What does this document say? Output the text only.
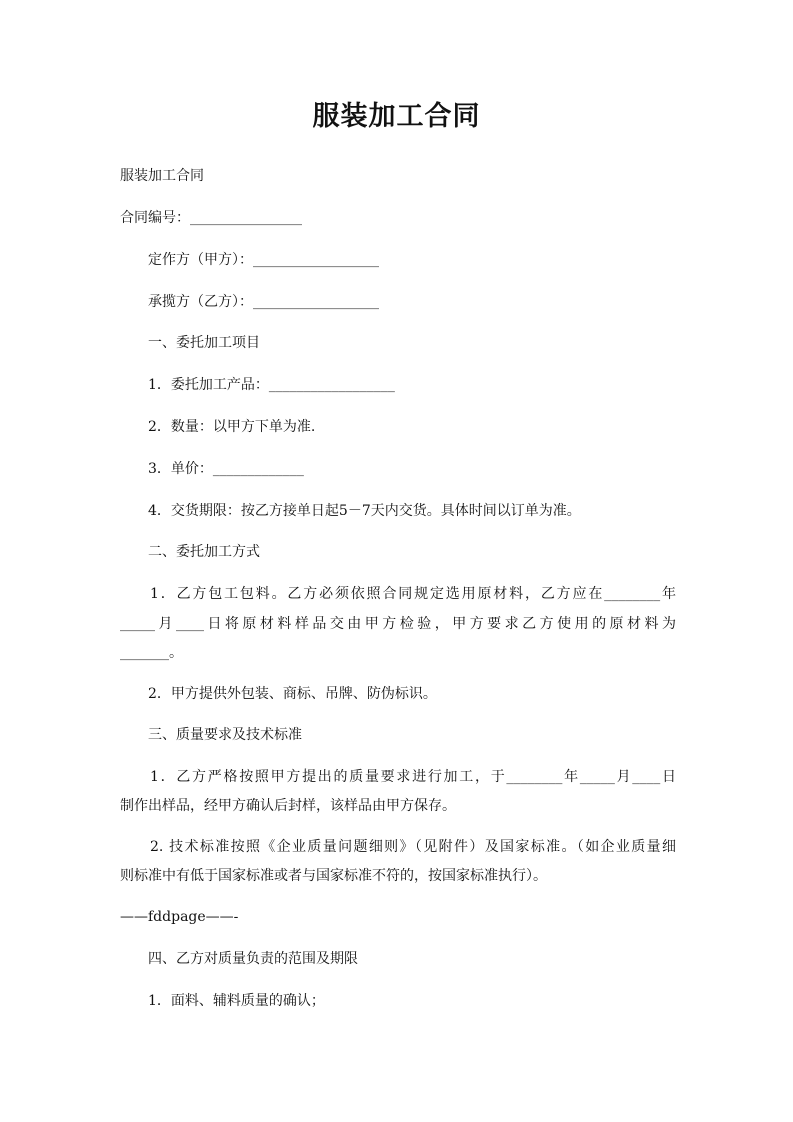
服装加工合同
服装加工合同
合同编号：________________
定作方（甲方）：__________________
承揽方（乙方）：__________________
一、委托加工项目
1．委托加工产品：__________________
2．数量：以甲方下单为准.
3．单价：_____________
4．交货期限：按乙方接单日起5－7天内交货。具体时间以订单为准。
二、委托加工方式
1．乙方包工包料。乙方必须依照合同规定选用原材料，乙方应在________年
_____月____日将原材料样品交由甲方检验，甲方要求乙方使用的原材料为
_______。
2．甲方提供外包装、商标、吊牌、防伪标识。
三、质量要求及技术标准
1．乙方严格按照甲方提出的质量要求进行加工，于________年_____月____日
制作出样品，经甲方确认后封样，该样品由甲方保存。
2. 技术标准按照《企业质量问题细则》（见附件）及国家标准。（如企业质量细
则标准中有低于国家标准或者与国家标准不符的，按国家标准执行）。
——fddpage——-
四、乙方对质量负责的范围及期限
1．面料、辅料质量的确认；
